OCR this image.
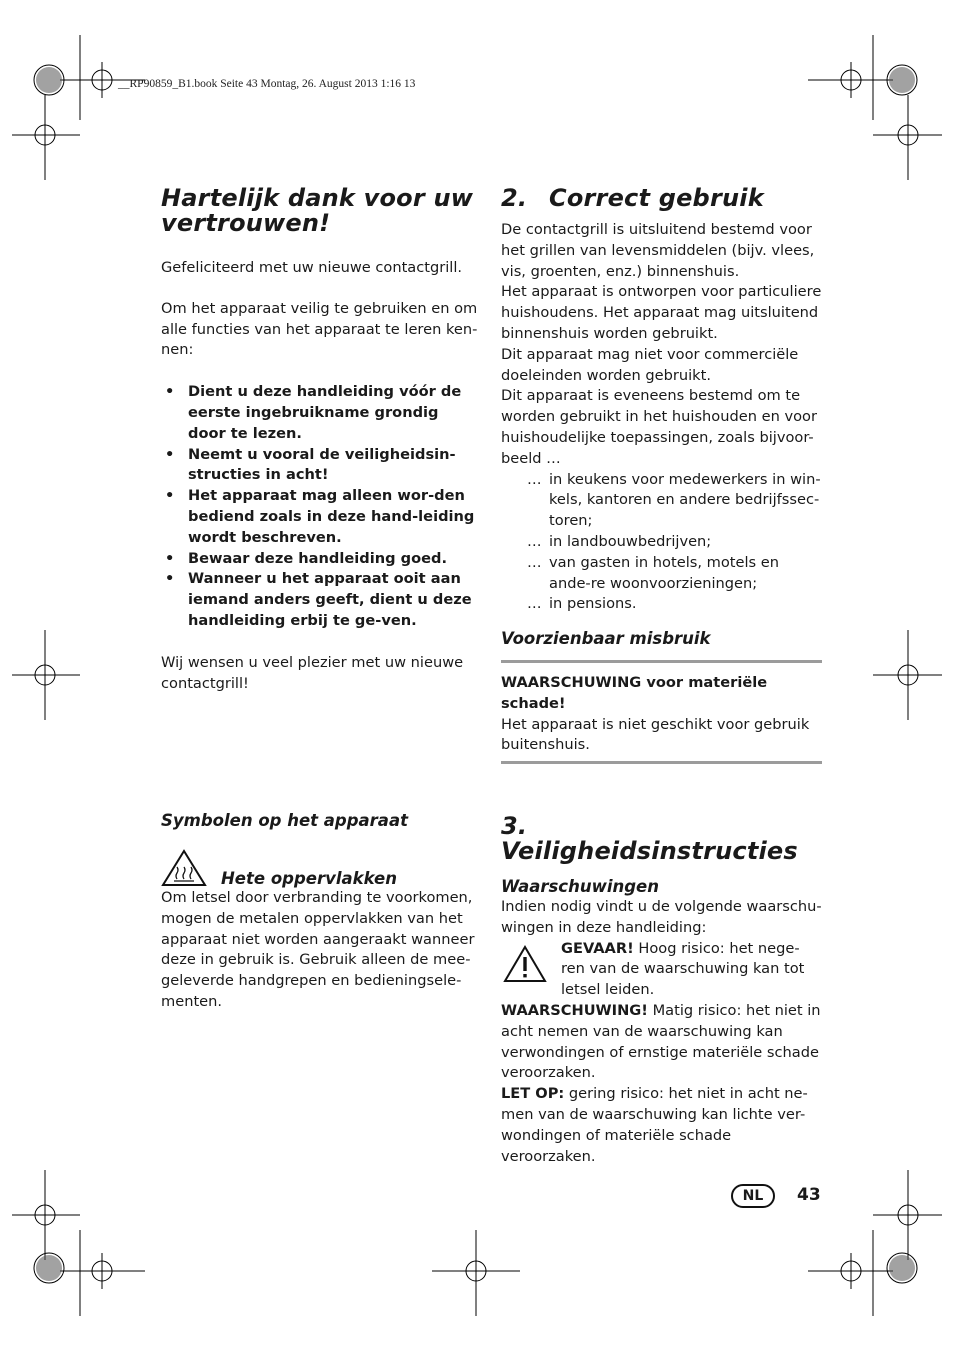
__RP90859_B1.book Seite 43 Montag, 26. August 2013 1:16 13
Hartelijk dank voor uw vertrouwen!

Gefeliciteerd met uw nieuwe contactgrill.

Om het apparaat veilig te gebruiken en om alle functies van het apparaat te leren ken-nen:

• Dient u deze handleiding vóór de eerste ingebruikname grondig door te lezen.
• Neemt u vooral de veiligheidsin-structies in acht!
• Het apparaat mag alleen wor-den bediend zoals in deze hand-leiding wordt beschreven.
• Bewaar deze handleiding goed.
• Wanneer u het apparaat ooit aan iemand anders geeft, dient u deze handleiding erbij te ge-ven.

Wij wensen u veel plezier met uw nieuwe contactgrill!

Symbolen op het apparaat
Hete oppervlakken

Om letsel door verbranding te voorkomen, mogen de metalen oppervlakken van het apparaat niet worden aangeraakt wanneer deze in gebruik is. Gebruik alleen de mee-geleverde handgrepen en bedieningsele-menten.

2. Correct gebruik

De contactgrill is uitsluitend bestemd voor het grillen van levensmiddelen (bijv. vlees, vis, groenten, enz.) binnenshuis.

Het apparaat is ontworpen voor particuliere huishoudens. Het apparaat mag uitsluitend binnenshuis worden gebruikt.

Dit apparaat mag niet voor commerciële doeleinden worden gebruikt.

Dit apparaat is eveneens bestemd om te worden gebruikt in het huishouden en voor huishoudelijke toepassingen, zoals bijvoor-beeld …

… in keukens voor medewerkers in win-kels, kantoren en andere bedrijfssec-toren;
… in landbouwbedrijven;
… van gasten in hotels, motels en ande-re woonvoorzieningen;
… in pensions.
Voorzienbaar misbruik

WAARSCHUWING voor materiële schade!

Het apparaat is niet geschikt voor gebruik buitenshuis.

3.Veiligheidsinstructies
Waarschuwingen

Indien nodig vindt u de volgende waarschu-wingen in deze handleiding:

GEVAAR! Hoog risico: het nege-ren van de waarschuwing kan tot letsel leiden.

WAARSCHUWING! Matig risico: het niet in acht nemen van de waarschuwing kan verwondingen of ernstige materiële schade veroorzaken.

LET OP: gering risico: het niet in acht ne-men van de waarschuwing kan lichte ver-wondingen of materiële schade veroorzaken.

NL	43
